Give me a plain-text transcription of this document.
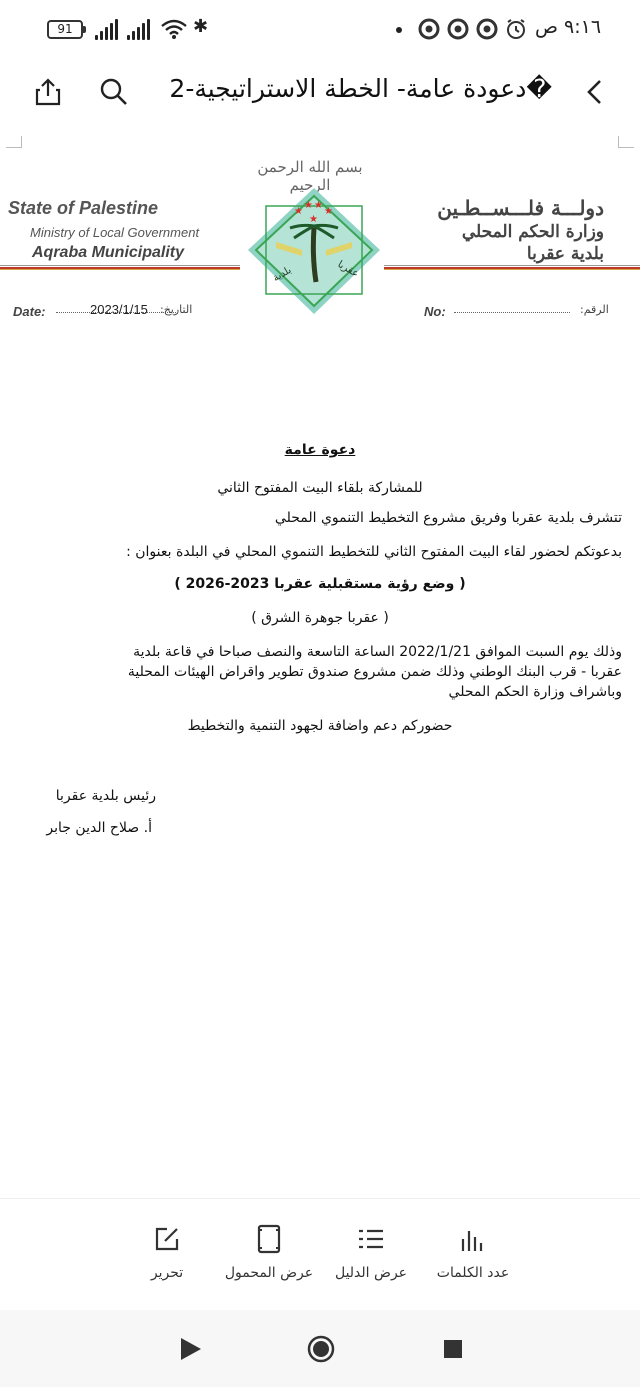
91	✱	٩:١٦ ص
�دعودة عامة- الخطة الاستراتيجية-2
بسم الله الرحمن الرحيم
State of Palestine
Ministry of Local Government
Aqraba Municipality
دولـــة فلـــســطـين
وزارة الحكم المحلي
بلدية عقربا
★
★ ★
★
★
بلدية	عقربا
Date:	2023/1/15 التاريخ:	No:	الرقم:
دعوة عامة
للمشاركة بلقاء البيت المفتوح الثاني
تتشرف بلدية عقربا وفريق مشروع التخطيط التنموي المحلي
بدعوتكم لحضور لقاء البيت المفتوح الثاني للتخطيط التنموي المحلي في البلدة بعنوان :
( وضع رؤية مستقبلية عقربا 2023-2026 )
( عقربا جوهرة الشرق )
وذلك يوم السبت الموافق 2022/1/21 الساعة التاسعة والنصف صباحا في قاعة بلدية
عقربا - قرب البنك الوطني وذلك ضمن مشروع صندوق تطوير واقراض الهيئات المحلية
وباشراف وزارة الحكم المحلي
حضوركم دعم واضافة لجهود التنمية والتخطيط
رئيس بلدية عقربا
أ. صلاح الدين جابر
عدد الكلمات
عرض الدليل
عرض المحمول
تحرير
